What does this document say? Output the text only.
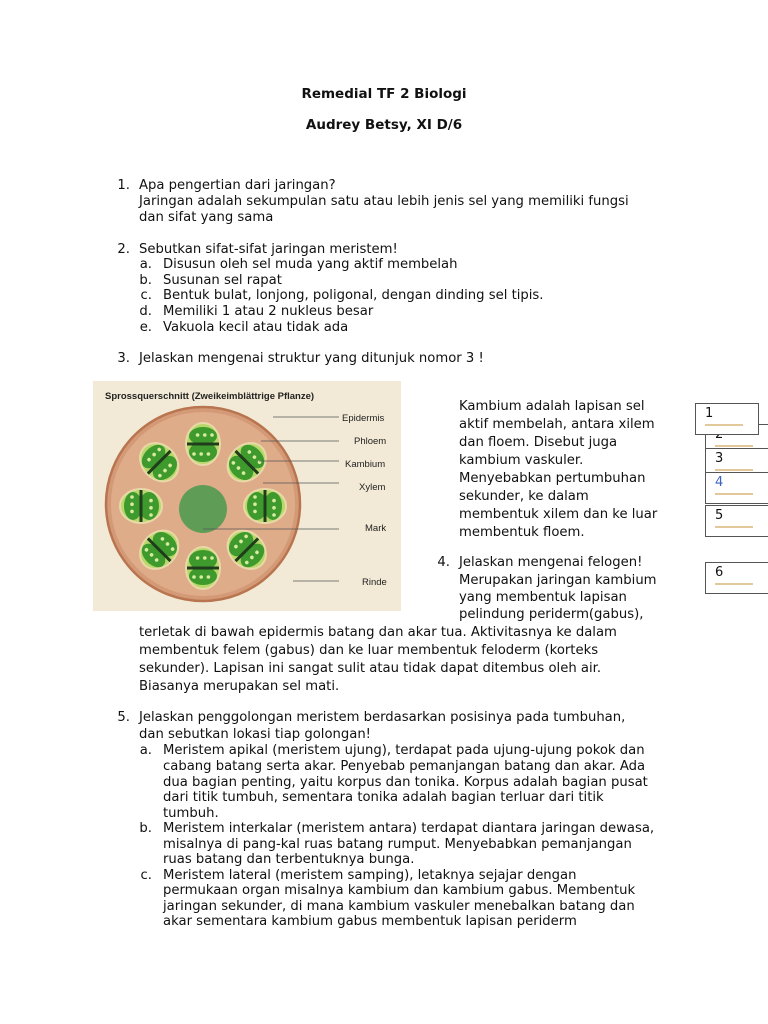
Remedial TF 2 Biologi
Audrey Betsy, XI D/6
1. Apa pengertian dari jaringan?
Jaringan adalah sekumpulan satu atau lebih jenis sel yang memiliki fungsi
dan sifat yang sama
2. Sebutkan sifat-sifat jaringan meristem!
a. Disusun oleh sel muda yang aktif membelah
b. Susunan sel rapat
c. Bentuk bulat, lonjong, poligonal, dengan dinding sel tipis.
d. Memiliki 1 atau 2 nukleus besar
e. Vakuola kecil atau tidak ada
3. Jelaskan mengenai struktur yang ditunjuk nomor 3 !
Sprossquerschnitt (Zweikeimblättrige Pflanze)
Epidermis
Phloem
Kambium
Xylem
Mark
Rinde
Kambium adalah lapisan sel
aktif membelah, antara xilem
dan floem. Disebut juga
kambium vaskuler.
Menyebabkan pertumbuhan
sekunder, ke dalam
membentuk xilem dan ke luar
membentuk floem.
4. Jelaskan mengenai felogen!
Merupakan jaringan kambium
yang membentuk lapisan
pelindung periderm(gabus),
terletak di bawah epidermis batang dan akar tua. Aktivitasnya ke dalam
membentuk felem (gabus) dan ke luar membentuk feloderm (korteks
sekunder). Lapisan ini sangat sulit atau tidak dapat ditembus oleh air.
Biasanya merupakan sel mati.
5. Jelaskan penggolongan meristem berdasarkan posisinya pada tumbuhan,
dan sebutkan lokasi tiap golongan!
a. Meristem apikal (meristem ujung), terdapat pada ujung-ujung pokok dan
cabang batang serta akar. Penyebab pemanjangan batang dan akar. Ada
dua bagian penting, yaitu korpus dan tonika. Korpus adalah bagian pusat
dari titik tumbuh, sementara tonika adalah bagian terluar dari titik
tumbuh.
b. Meristem interkalar (meristem antara) terdapat diantara jaringan dewasa,
misalnya di pang-kal ruas batang rumput. Menyebabkan pemanjangan
ruas batang dan terbentuknya bunga.
c. Meristem lateral (meristem samping), letaknya sejajar dengan
permukaan organ misalnya kambium dan kambium gabus. Membentuk
jaringan sekunder, di mana kambium vaskuler menebalkan batang dan
akar sementara kambium gabus membentuk lapisan periderm
3
4
1
5
6
